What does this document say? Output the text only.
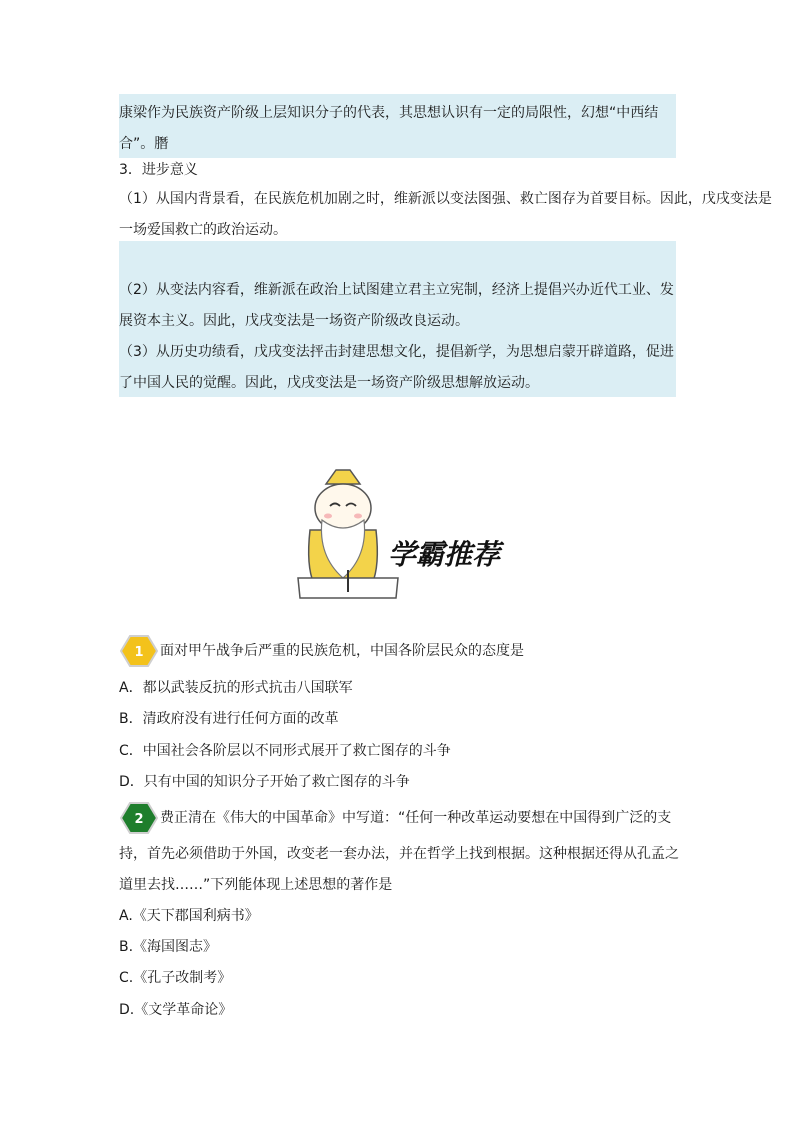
康梁作为民族资产阶级上层知识分子的代表，其思想认识有一定的局限性，幻想“中西结
合”。䐶
3．进步意义
（1）从国内背景看，在民族危机加剧之时，维新派以变法图强、救亡图存为首要目标。因此，戊戌变法是
一场爱国救亡的政治运动。
（2）从变法内容看，维新派在政治上试图建立君主立宪制，经济上提倡兴办近代工业、发
展资本主义。因此，戊戌变法是一场资产阶级改良运动。
（3）从历史功绩看，戊戌变法抨击封建思想文化，提倡新学，为思想启蒙开辟道路，促进
了中国人民的觉醒。因此，戊戌变法是一场资产阶级思想解放运动。
学霸推荐
1 面对甲午战争后严重的民族危机，中国各阶层民众的态度是
A．都以武装反抗的形式抗击八国联军
B．清政府没有进行任何方面的改革
C．中国社会各阶层以不同形式展开了救亡图存的斗争
D．只有中国的知识分子开始了救亡图存的斗争
2 费正清在《伟大的中国革命》中写道：“任何一种改革运动要想在中国得到广泛的支
持，首先必须借助于外国，改变老一套办法，并在哲学上找到根据。这种根据还得从孔孟之
道里去找……”下列能体现上述思想的著作是
A.《天下郡国利病书》
B.《海国图志》
C.《孔子改制考》
D.《文学革命论》
